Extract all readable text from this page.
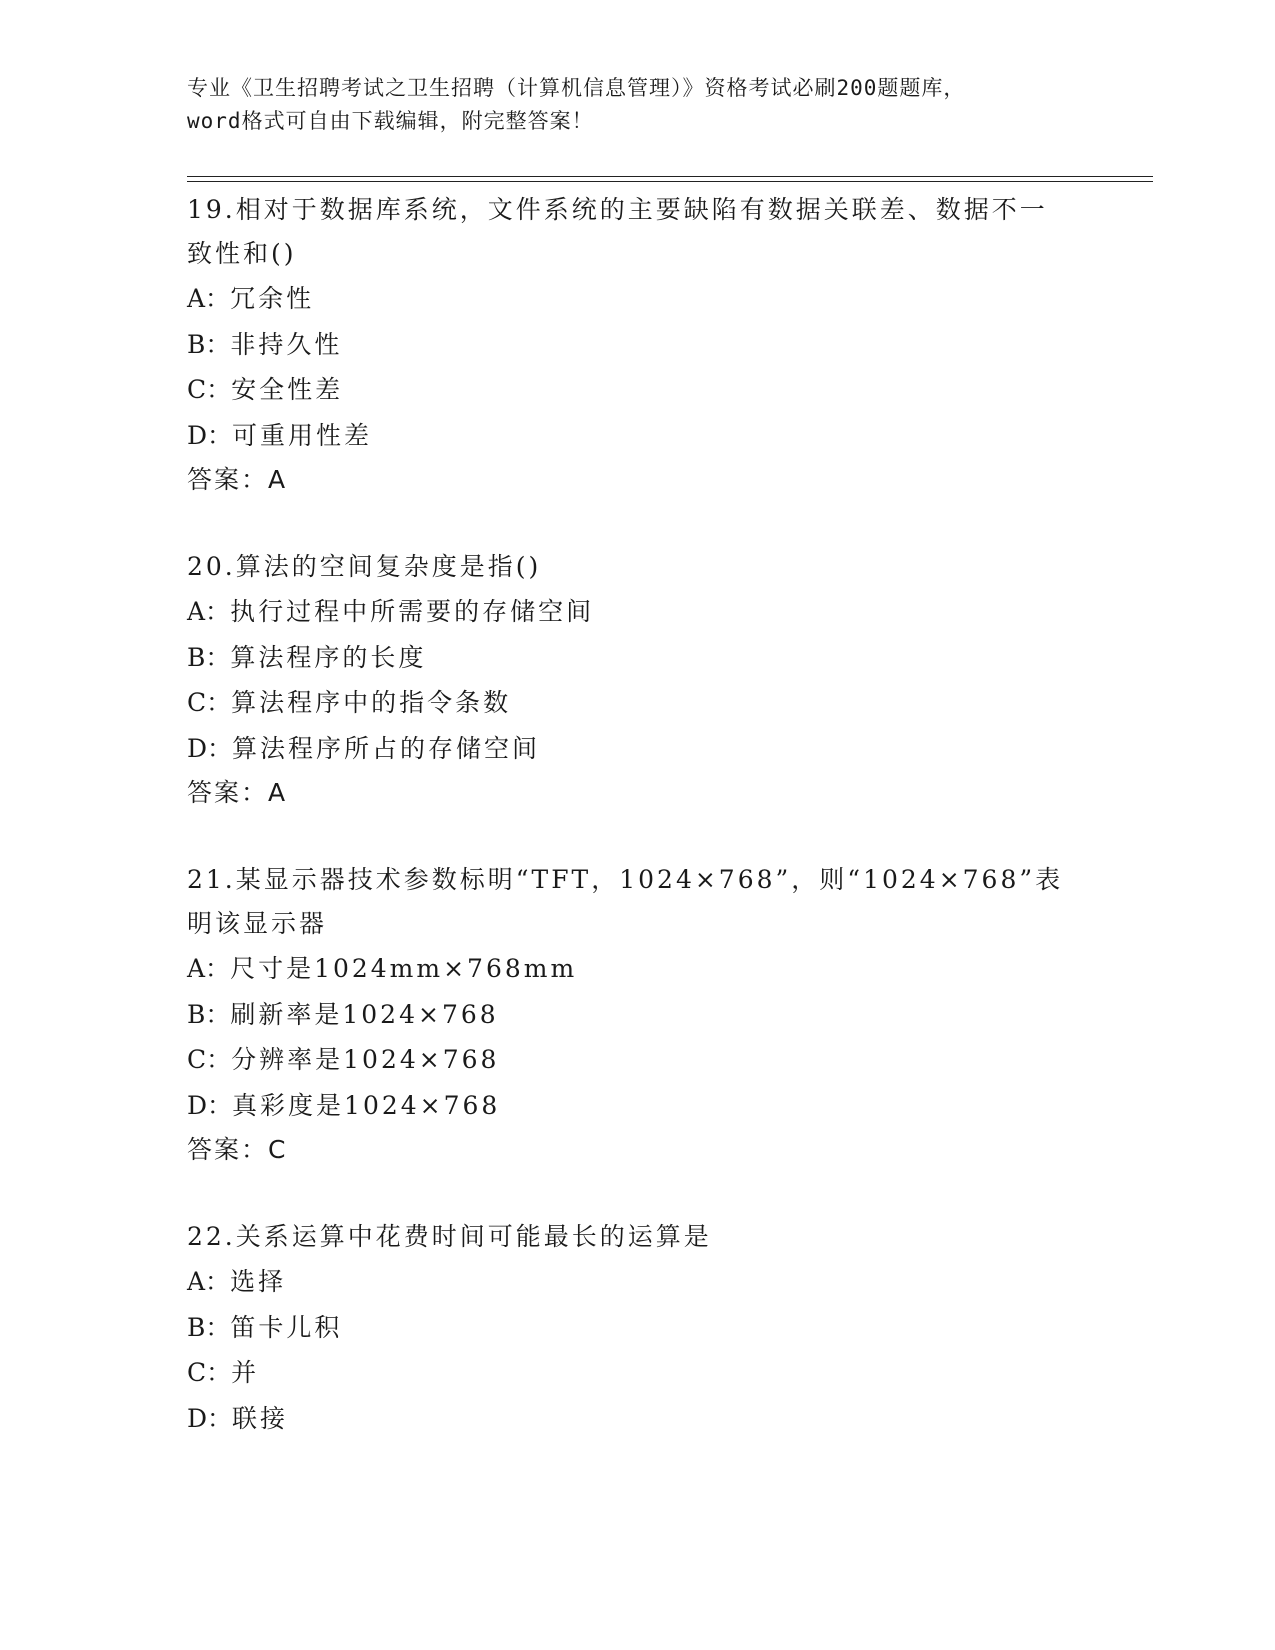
专业《卫生招聘考试之卫生招聘（计算机信息管理）》资格考试必刷200题题库，
word格式可自由下载编辑，附完整答案！

19.相对于数据库系统，文件系统的主要缺陷有数据关联差、数据不一
致性和()

A：冗余性

B：非持久性

C：安全性差

D：可重用性差

答案：A

20.算法的空间复杂度是指()

A：执行过程中所需要的存储空间

B：算法程序的长度

C：算法程序中的指令条数

D：算法程序所占的存储空间

答案：A

21.某显示器技术参数标明“TFT，1024×768”，则“1024×768”表
明该显示器

A：尺寸是1024mm×768mm

B：刷新率是1024×768

C：分辨率是1024×768

D：真彩度是1024×768

答案：C

22.关系运算中花费时间可能最长的运算是

A：选择

B：笛卡儿积

C：并

D：联接
